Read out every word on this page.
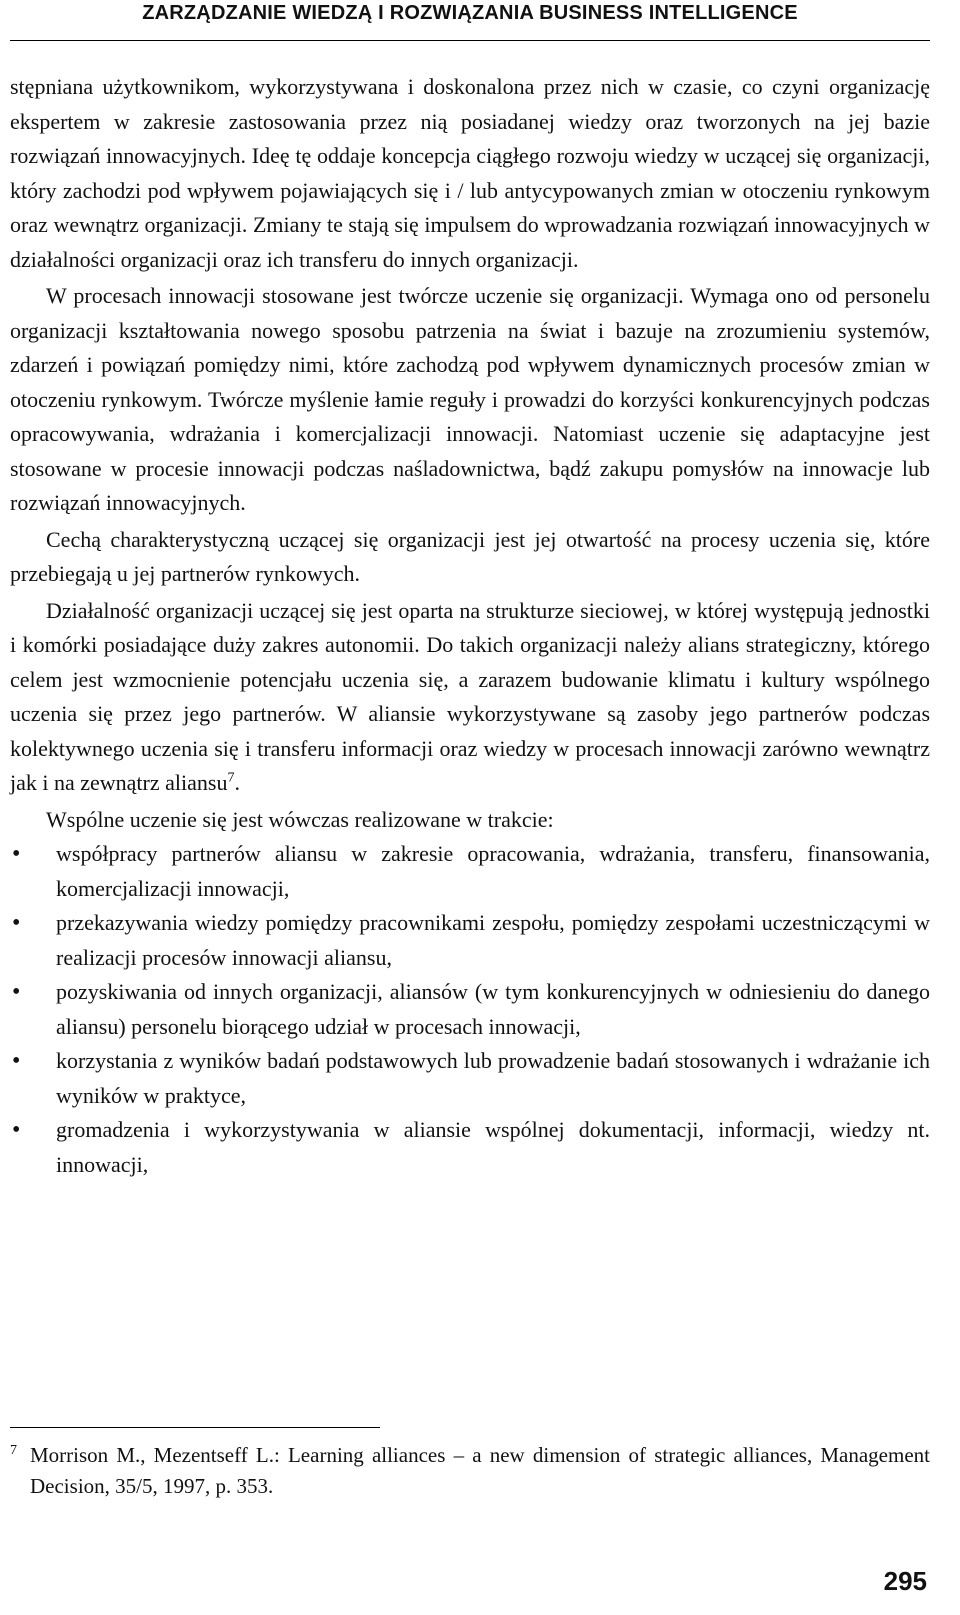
ZARZĄDZANIE WIEDZĄ I ROZWIĄZANIA BUSINESS INTELLIGENCE

stępniana użytkownikom, wykorzystywana i doskonalona przez nich w czasie, co czyni organizację ekspertem w zakresie zastosowania przez nią posiadanej wiedzy oraz tworzonych na jej bazie rozwiązań innowacyjnych. Ideę tę oddaje koncepcja ciągłego rozwoju wiedzy w uczącej się organizacji, który zachodzi pod wpływem pojawiających się i / lub antycypowanych zmian w otoczeniu rynkowym oraz wewnątrz organizacji. Zmiany te stają się impulsem do wprowadzania rozwiązań innowacyjnych w działalności organizacji oraz ich transferu do innych organizacji.

W procesach innowacji stosowane jest twórcze uczenie się organizacji. Wymaga ono od personelu organizacji kształtowania nowego sposobu patrzenia na świat i bazuje na zrozumieniu systemów, zdarzeń i powiązań pomiędzy nimi, które zachodzą pod wpływem dynamicznych procesów zmian w otoczeniu rynkowym. Twórcze myślenie łamie reguły i prowadzi do korzyści konkurencyjnych podczas opracowywania, wdrażania i komercjalizacji innowacji. Natomiast uczenie się adaptacyjne jest stosowane w procesie innowacji podczas naśladownictwa, bądź zakupu pomysłów na innowacje lub rozwiązań innowacyjnych.

Cechą charakterystyczną uczącej się organizacji jest jej otwartość na procesy uczenia się, które przebiegają u jej partnerów rynkowych.

Działalność organizacji uczącej się jest oparta na strukturze sieciowej, w której występują jednostki i komórki posiadające duży zakres autonomii. Do takich organizacji należy alians strategiczny, którego celem jest wzmocnienie potencjału uczenia się, a zarazem budowanie klimatu i kultury wspólnego uczenia się przez jego partnerów. W aliansie wykorzystywane są zasoby jego partnerów podczas kolektywnego uczenia się i transferu informacji oraz wiedzy w procesach innowacji zarówno wewnątrz jak i na zewnątrz aliansu$^7$.

Wspólne uczenie się jest wówczas realizowane w trakcie:

• współpracy partnerów aliansu w zakresie opracowania, wdrażania, transferu, finansowania, komercjalizacji innowacji,
• przekazywania wiedzy pomiędzy pracownikami zespołu, pomiędzy zespołami uczestniczącymi w realizacji procesów innowacji aliansu,
• pozyskiwania od innych organizacji, aliansów (w tym konkurencyjnych w odniesieniu do danego aliansu) personelu biorącego udział w procesach innowacji,
• korzystania z wyników badań podstawowych lub prowadzenie badań stosowanych i wdrażanie ich wyników w praktyce,
• gromadzenia i wykorzystywania w aliansie wspólnej dokumentacji, informacji, wiedzy nt. innowacji,
7 Morrison M., Mezentseff L.: Learning alliances – a new dimension of strategic alliances, Management Decision, 35/5, 1997, p. 353.
295
